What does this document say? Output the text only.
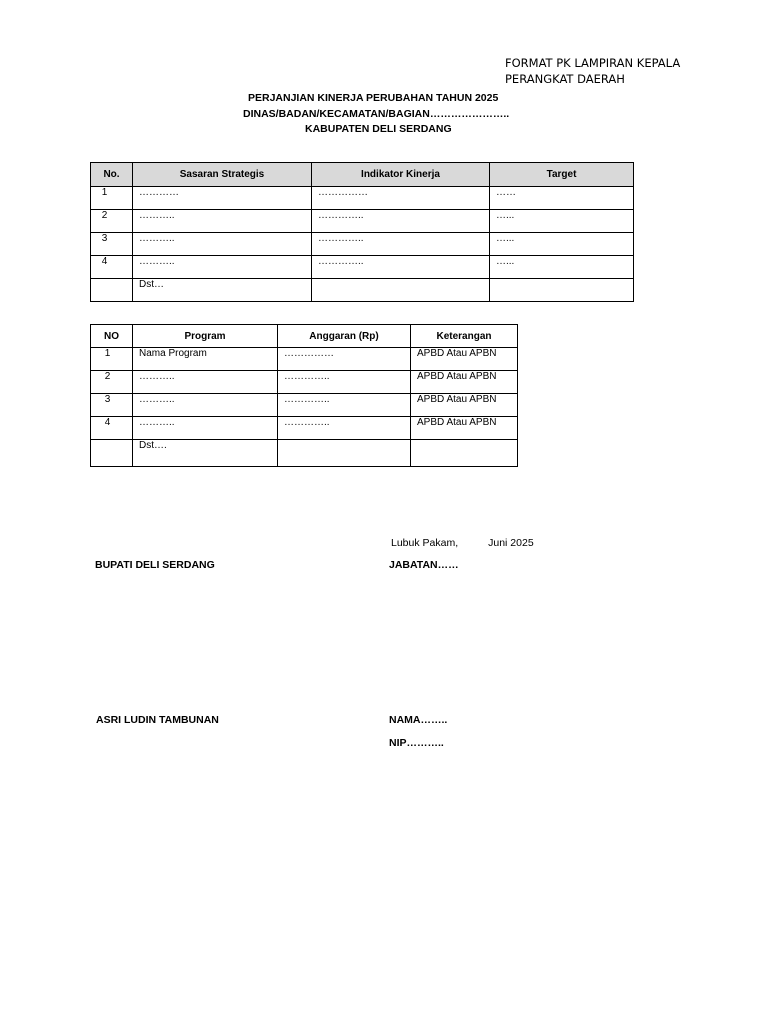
FORMAT PK LAMPIRAN KEPALA
PERANGKAT DAERAH
PERJANJIAN KINERJA PERUBAHAN TAHUN 2025
DINAS/BADAN/KECAMATAN/BAGIAN…………………..
KABUPATEN DELI SERDANG
No.	Sasaran Strategis	Indikator Kinerja	Target
1	…………	……………	……
2	………..	…………..	…...
3	………..	…………..	…...
4	………..	…………..	…...
	Dst…		
NO	Program	Anggaran (Rp)	Keterangan
1	Nama Program	……………	APBD Atau APBN
2	………..	…………..	APBD Atau APBN
3	………..	…………..	APBD Atau APBN
4	………..	…………..	APBD Atau APBN
	Dst….		
Lubuk Pakam,	Juni 2025
BUPATI DELI SERDANG	JABATAN……
ASRI LUDIN TAMBUNAN	NAMA……..
NIP………..
